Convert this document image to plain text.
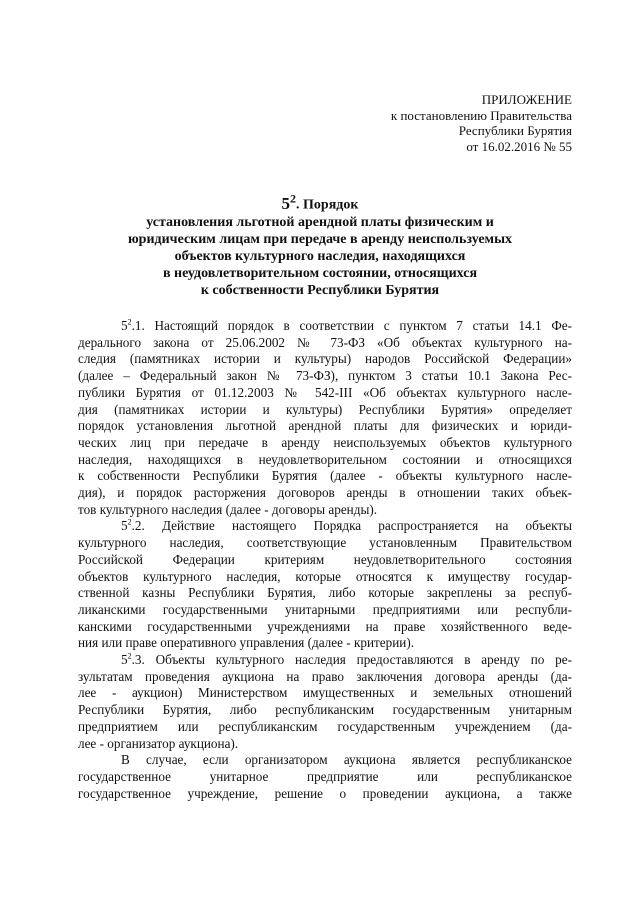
ПРИЛОЖЕНИЕ
к постановлению Правительства
Республики Бурятия
от 16.02.2016 № 55
$5^2$. Порядок
установления льготной арендной платы физическим и
юридическим лицам при передаче в аренду неиспользуемых
объектов культурного наследия, находящихся
в неудовлетворительном состоянии, относящихся
к собственности Республики Бурятия
$5^2.1$. Настоящий порядок в соответствии с пунктом 7 статьи 14.1 Фе-
дерального закона от 25.06.2002 № 73-ФЗ «Об объектах культурного на-
следия (памятниках истории и культуры) народов Российской Федерации»
(далее – Федеральный закон № 73-ФЗ), пунктом 3 статьи 10.1 Закона Рес-
публики Бурятия от 01.12.2003 № 542-III «Об объектах культурного насле-
дия (памятниках истории и культуры) Республики Бурятия» определяет
порядок установления льготной арендной платы для физических и юриди-
ческих лиц при передаче в аренду неиспользуемых объектов культурного
наследия, находящихся в неудовлетворительном состоянии и относящихся
к собственности Республики Бурятия (далее - объекты культурного насле-
дия), и порядок расторжения договоров аренды в отношении таких объек-
тов культурного наследия (далее - договоры аренды).
$5^2.2$. Действие настоящего Порядка распространяется на объекты
культурного наследия, соответствующие установленным Правительством
Российской Федерации критериям неудовлетворительного состояния
объектов культурного наследия, которые относятся к имуществу государ-
ственной казны Республики Бурятия, либо которые закреплены за респуб-
ликанскими государственными унитарными предприятиями или республи-
канскими государственными учреждениями на праве хозяйственного веде-
ния или праве оперативного управления (далее - критерии).
$5^2.3$. Объекты культурного наследия предоставляются в аренду по ре-
зультатам проведения аукциона на право заключения договора аренды (да-
лее - аукцион) Министерством имущественных и земельных отношений
Республики Бурятия, либо республиканским государственным унитарным
предприятием или республиканским государственным учреждением (да-
лее - организатор аукциона).
В случае, если организатором аукциона является республиканское
государственное унитарное предприятие или республиканское
государственное учреждение, решение о проведении аукциона, а также
